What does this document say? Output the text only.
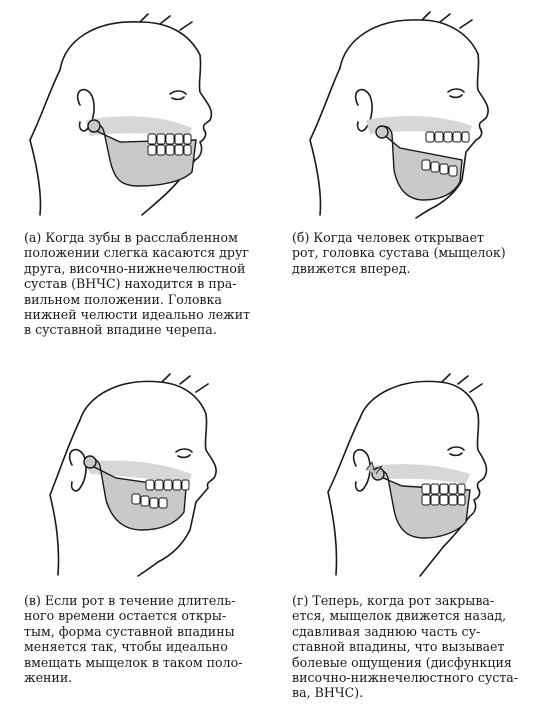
(а) Когда зубы в расслабленном
положении слегка касаются друг
друга, височно-нижнечелюстной
сустав (ВНЧС) находится в пра-
вильном положении. Головка
нижней челюсти идеально лежит
в суставной впадине черепа.
(б) Когда человек открывает
рот, головка сустава (мыщелок)
движется вперед.
(в) Если рот в течение длитель-
ного времени остается откры-
тым, форма суставной впадины
меняется так, чтобы идеально
вмещать мыщелок в таком поло-
жении.
(г) Теперь, когда рот закрыва-
ется, мыщелок движется назад,
сдавливая заднюю часть су-
ставной впадины, что вызывает
болевые ощущения (дисфункция
височно-нижнечелюстного суста-
ва, ВНЧС).
